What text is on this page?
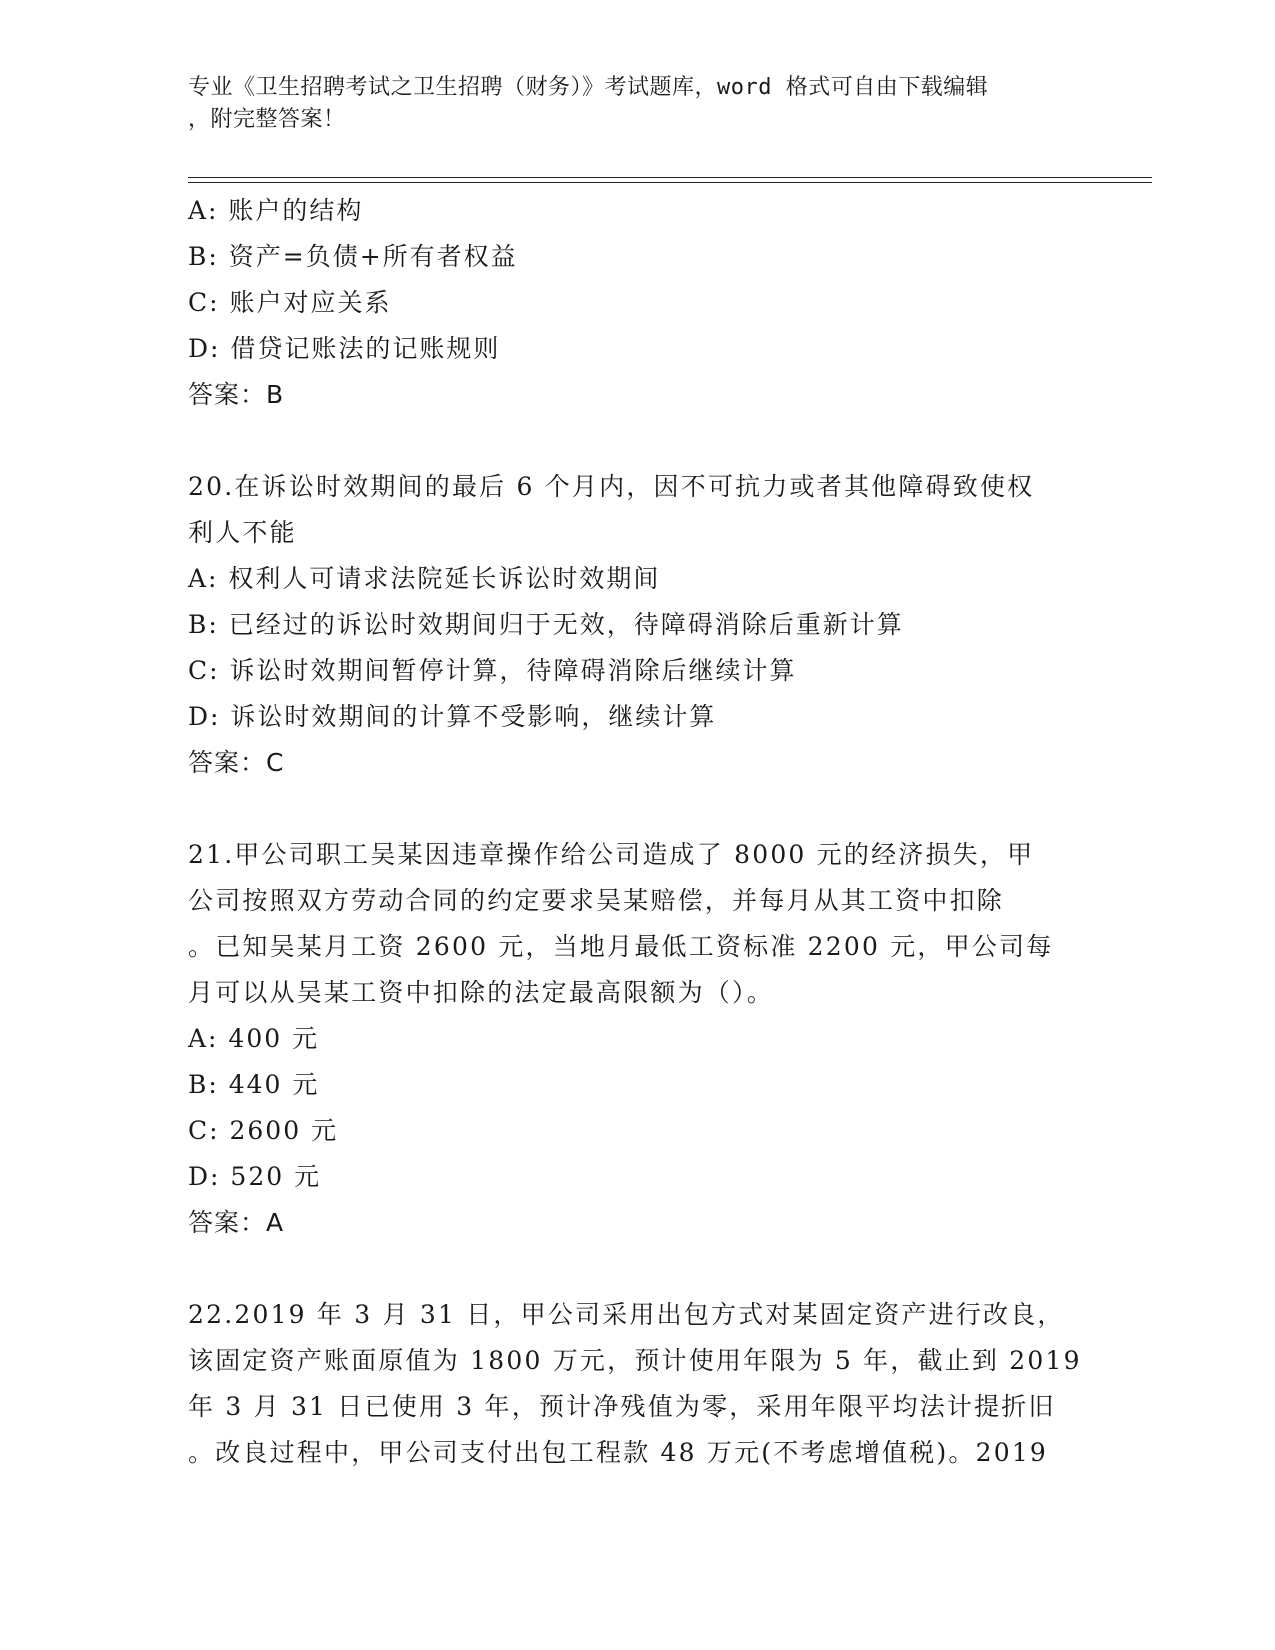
专业《卫生招聘考试之卫生招聘（财务）》考试题库，word 格式可自由下载编辑
，附完整答案！
A: 账户的结构
B: 资产=负债+所有者权益
C: 账户对应关系
D: 借贷记账法的记账规则
答案：B
20.在诉讼时效期间的最后 6 个月内，因不可抗力或者其他障碍致使权
利人不能
A: 权利人可请求法院延长诉讼时效期间
B: 已经过的诉讼时效期间归于无效，待障碍消除后重新计算
C: 诉讼时效期间暂停计算，待障碍消除后继续计算
D: 诉讼时效期间的计算不受影响，继续计算
答案：C
21.甲公司职工吴某因违章操作给公司造成了 8000 元的经济损失，甲
公司按照双方劳动合同的约定要求吴某赔偿，并每月从其工资中扣除
。已知吴某月工资 2600 元，当地月最低工资标准 2200 元，甲公司每
月可以从吴某工资中扣除的法定最高限额为（）。
A: 400 元
B: 440 元
C: 2600 元
D: 520 元
答案：A
22.2019 年 3 月 31 日，甲公司采用出包方式对某固定资产进行改良，
该固定资产账面原值为 1800 万元，预计使用年限为 5 年，截止到 2019
年 3 月 31 日已使用 3 年，预计净残值为零，采用年限平均法计提折旧
。改良过程中，甲公司支付出包工程款 48 万元(不考虑增值税)。2019
